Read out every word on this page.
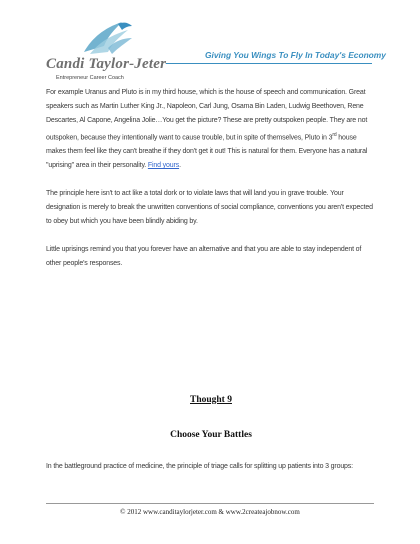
Candi Taylor-Jeter
Entrepreneur Career Coach
Giving You Wings To Fly In Today's Economy

For example Uranus and Pluto is in my third house, which is the house of speech and communication. Great speakers such as Martin Luther King Jr., Napoleon, Carl Jung, Osama Bin Laden, Ludwig Beethoven, Rene Descartes, Al Capone, Angelina Jolie…You get the picture? These are pretty outspoken people. They are not outspoken, because they intentionally want to cause trouble, but in spite of themselves, Pluto in 3rd house makes them feel like they can't breathe if they don't get it out! This is natural for them. Everyone has a natural "uprising" area in their personality. Find yours.

The principle here isn't to act like a total dork or to violate laws that will land you in grave trouble. Your designation is merely to break the unwritten conventions of social compliance, conventions you aren't expected to obey but which you have been blindly abiding by.

Little uprisings remind you that you forever have an alternative and that you are able to stay independent of other people's responses.

Thought 9
Choose Your Battles

In the battleground practice of medicine, the principle of triage calls for splitting up patients into 3 groups:

© 2012 www.canditaylorjeter.com & www.2createajobnow.com
